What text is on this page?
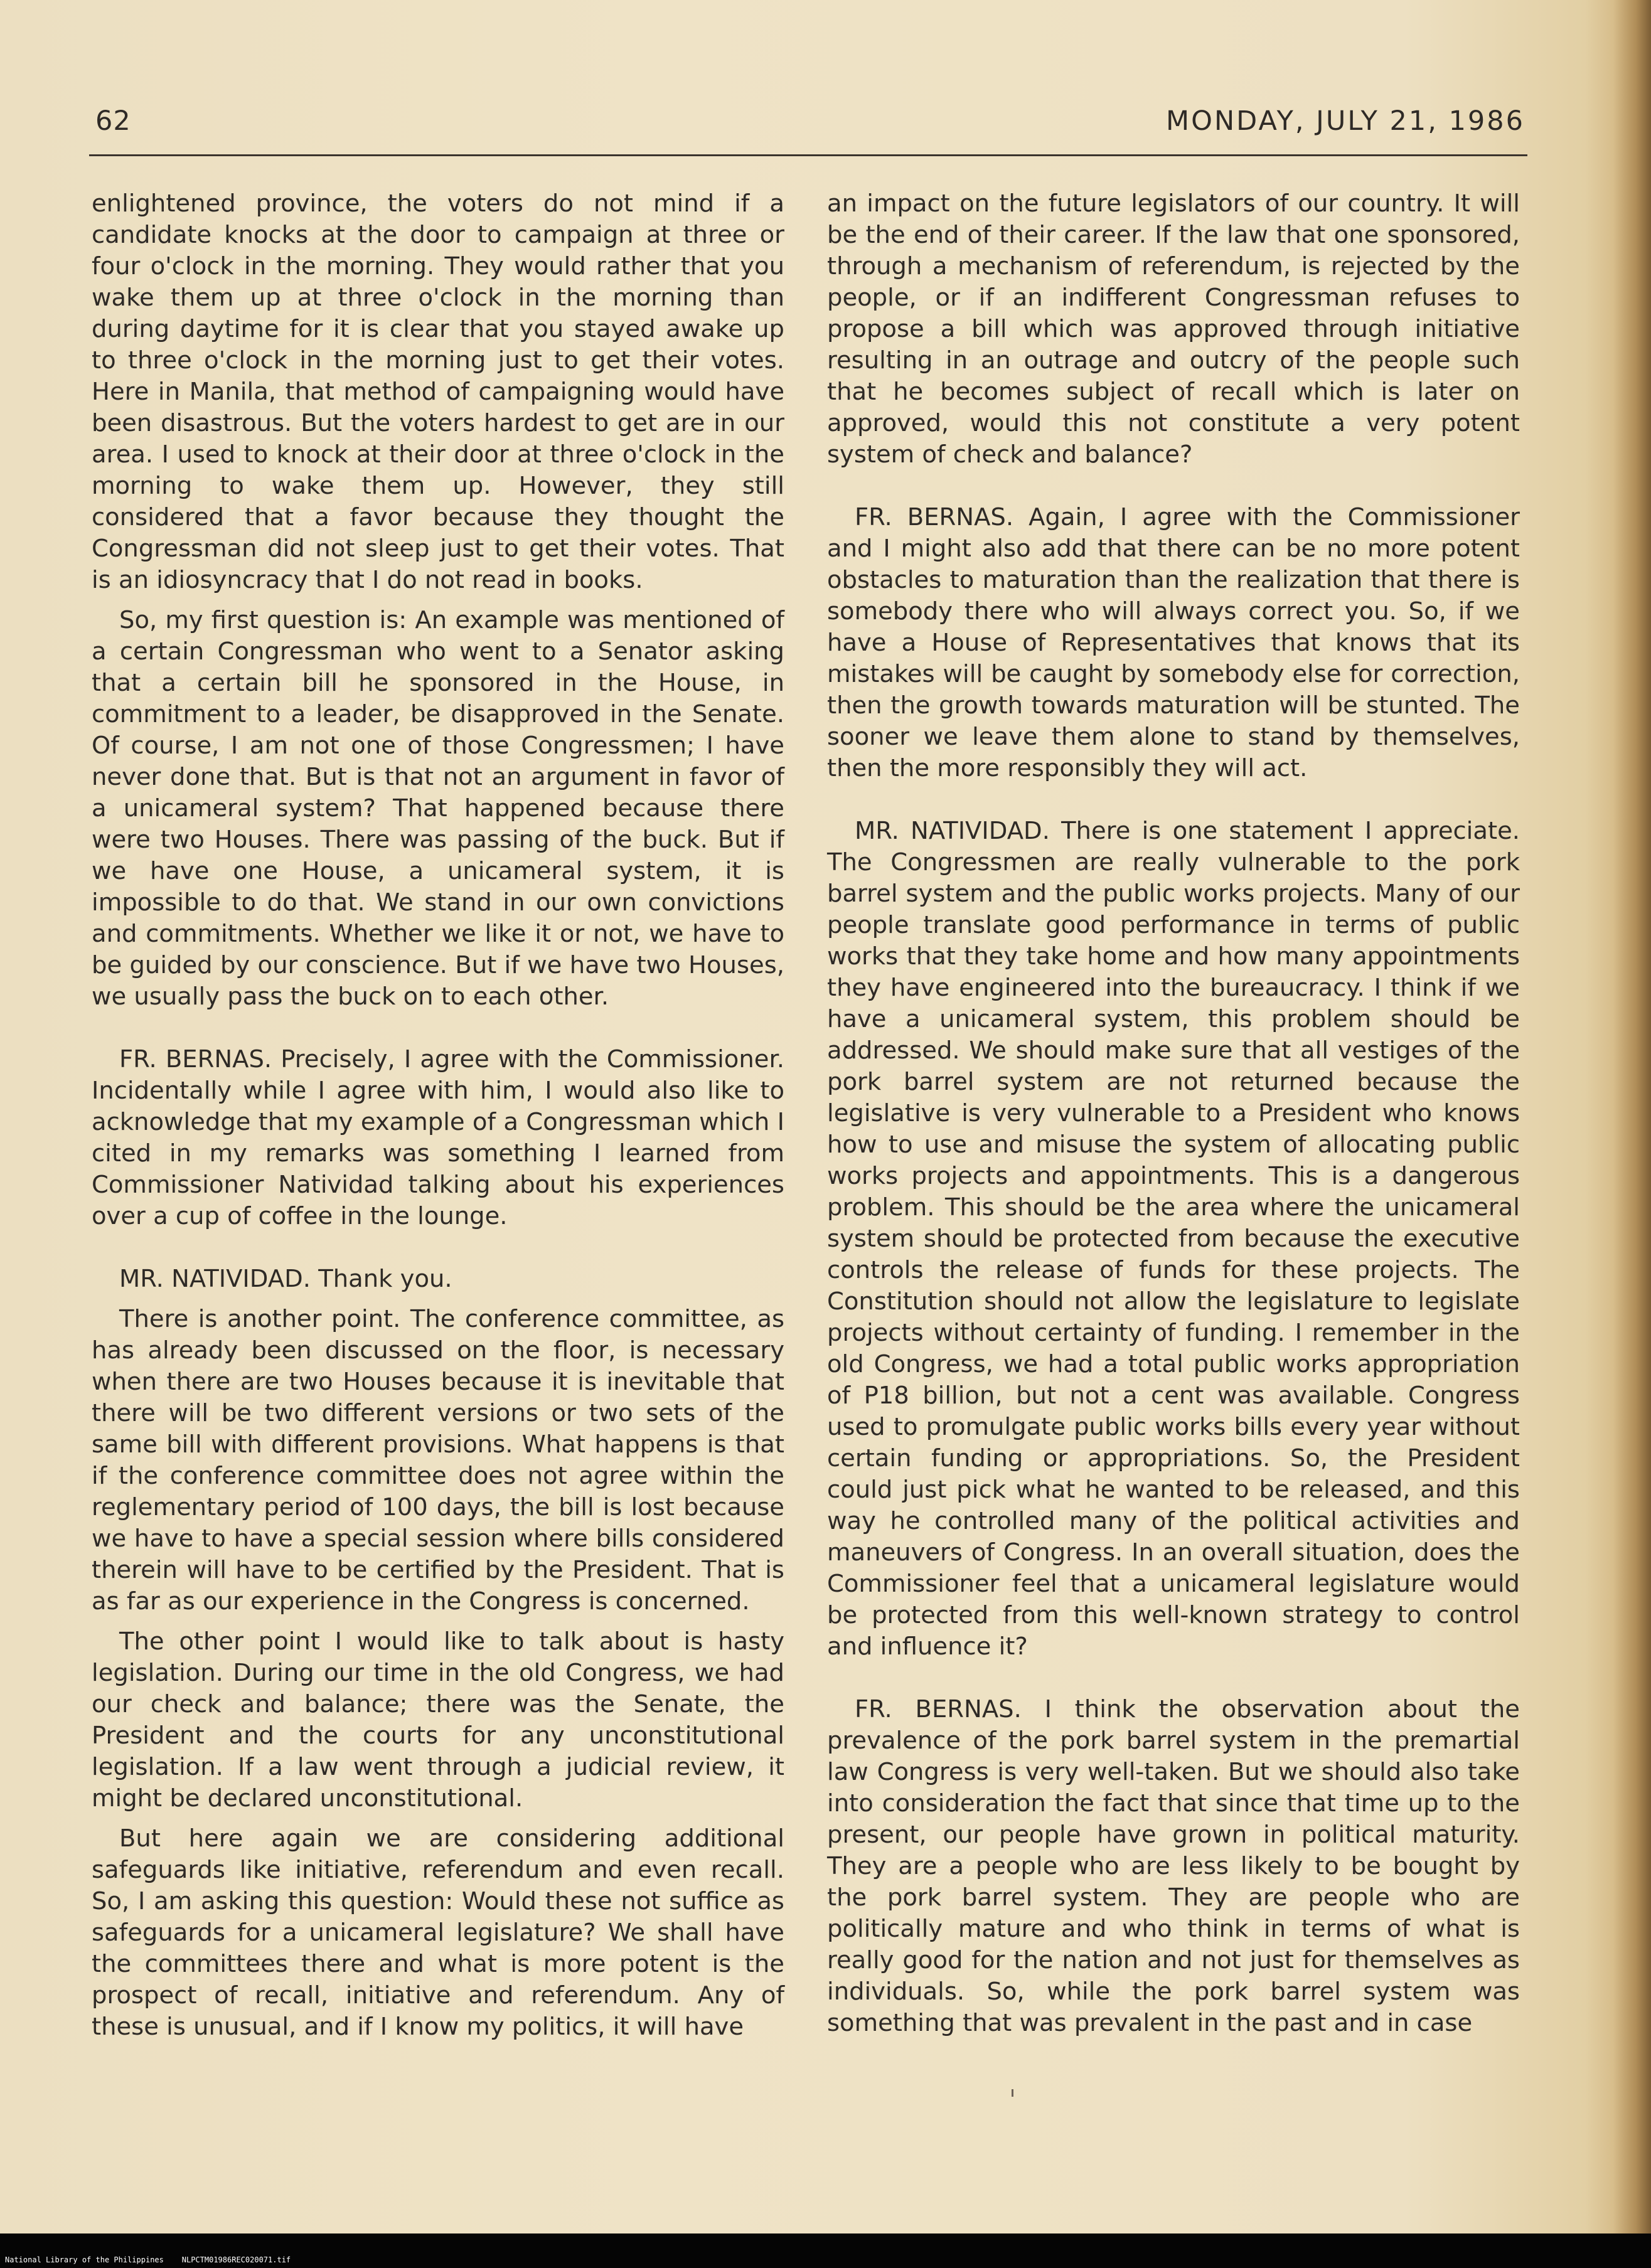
62	MONDAY, JULY 21, 1986

enlightened province, the voters do not mind if a candidate knocks at the door to campaign at three or four o'clock in the morning. They would rather that you wake them up at three o'clock in the morning than during daytime for it is clear that you stayed awake up to three o'clock in the morning just to get their votes. Here in Manila, that method of campaigning would have been disastrous. But the voters hardest to get are in our area. I used to knock at their door at three o'clock in the morning to wake them up. However, they still considered that a favor because they thought the Congressman did not sleep just to get their votes. That is an idiosyncracy that I do not read in books.

So, my first question is: An example was mentioned of a certain Congressman who went to a Senator asking that a certain bill he sponsored in the House, in commitment to a leader, be disapproved in the Senate. Of course, I am not one of those Congressmen; I have never done that. But is that not an argument in favor of a unicameral system? That happened because there were two Houses. There was passing of the buck. But if we have one House, a unicameral system, it is impossible to do that. We stand in our own convictions and commitments. Whether we like it or not, we have to be guided by our conscience. But if we have two Houses, we usually pass the buck on to each other.

FR. BERNAS. Precisely, I agree with the Commissioner. Incidentally while I agree with him, I would also like to acknowledge that my example of a Congressman which I cited in my remarks was something I learned from Commissioner Natividad talking about his experiences over a cup of coffee in the lounge.

MR. NATIVIDAD. Thank you.

There is another point. The conference committee, as has already been discussed on the floor, is necessary when there are two Houses because it is inevitable that there will be two different versions or two sets of the same bill with different provisions. What happens is that if the conference committee does not agree within the reglementary period of 100 days, the bill is lost because we have to have a special session where bills considered therein will have to be certified by the President. That is as far as our experience in the Congress is concerned.

The other point I would like to talk about is hasty legislation. During our time in the old Congress, we had our check and balance; there was the Senate, the President and the courts for any unconstitutional legislation. If a law went through a judicial review, it might be declared unconstitutional.

But here again we are considering additional safeguards like initiative, referendum and even recall. So, I am asking this question: Would these not suffice as safeguards for a unicameral legislature? We shall have the committees there and what is more potent is the prospect of recall, initiative and referendum. Any of these is unusual, and if I know my politics, it will have

an impact on the future legislators of our country. It will be the end of their career. If the law that one sponsored, through a mechanism of referendum, is rejected by the people, or if an indifferent Congressman refuses to propose a bill which was approved through initiative resulting in an outrage and outcry of the people such that he becomes subject of recall which is later on approved, would this not constitute a very potent system of check and balance?

FR. BERNAS. Again, I agree with the Commissioner and I might also add that there can be no more potent obstacles to maturation than the realization that there is somebody there who will always correct you. So, if we have a House of Representatives that knows that its mistakes will be caught by somebody else for correction, then the growth towards maturation will be stunted. The sooner we leave them alone to stand by themselves, then the more responsibly they will act.

MR. NATIVIDAD. There is one statement I appreciate. The Congressmen are really vulnerable to the pork barrel system and the public works projects. Many of our people translate good performance in terms of public works that they take home and how many appointments they have engineered into the bureaucracy. I think if we have a unicameral system, this problem should be addressed. We should make sure that all vestiges of the pork barrel system are not returned because the legislative is very vulnerable to a President who knows how to use and misuse the system of allocating public works projects and appointments. This is a dangerous problem. This should be the area where the unicameral system should be protected from because the executive controls the release of funds for these projects. The Constitution should not allow the legislature to legislate projects without certainty of funding. I remember in the old Congress, we had a total public works appropriation of P18 billion, but not a cent was available. Congress used to promulgate public works bills every year without certain funding or appropriations. So, the President could just pick what he wanted to be released, and this way he controlled many of the political activities and maneuvers of Congress. In an overall situation, does the Commissioner feel that a unicameral legislature would be protected from this well-known strategy to control and influence it?

FR. BERNAS. I think the observation about the prevalence of the pork barrel system in the premartial law Congress is very well-taken. But we should also take into consideration the fact that since that time up to the present, our people have grown in political maturity. They are a people who are less likely to be bought by the pork barrel system. They are people who are politically mature and who think in terms of what is really good for the nation and not just for themselves as individuals. So, while the pork barrel system was something that was prevalent in the past and in case

National Library of the Philippines    NLPCTM01986REC020071.tif
